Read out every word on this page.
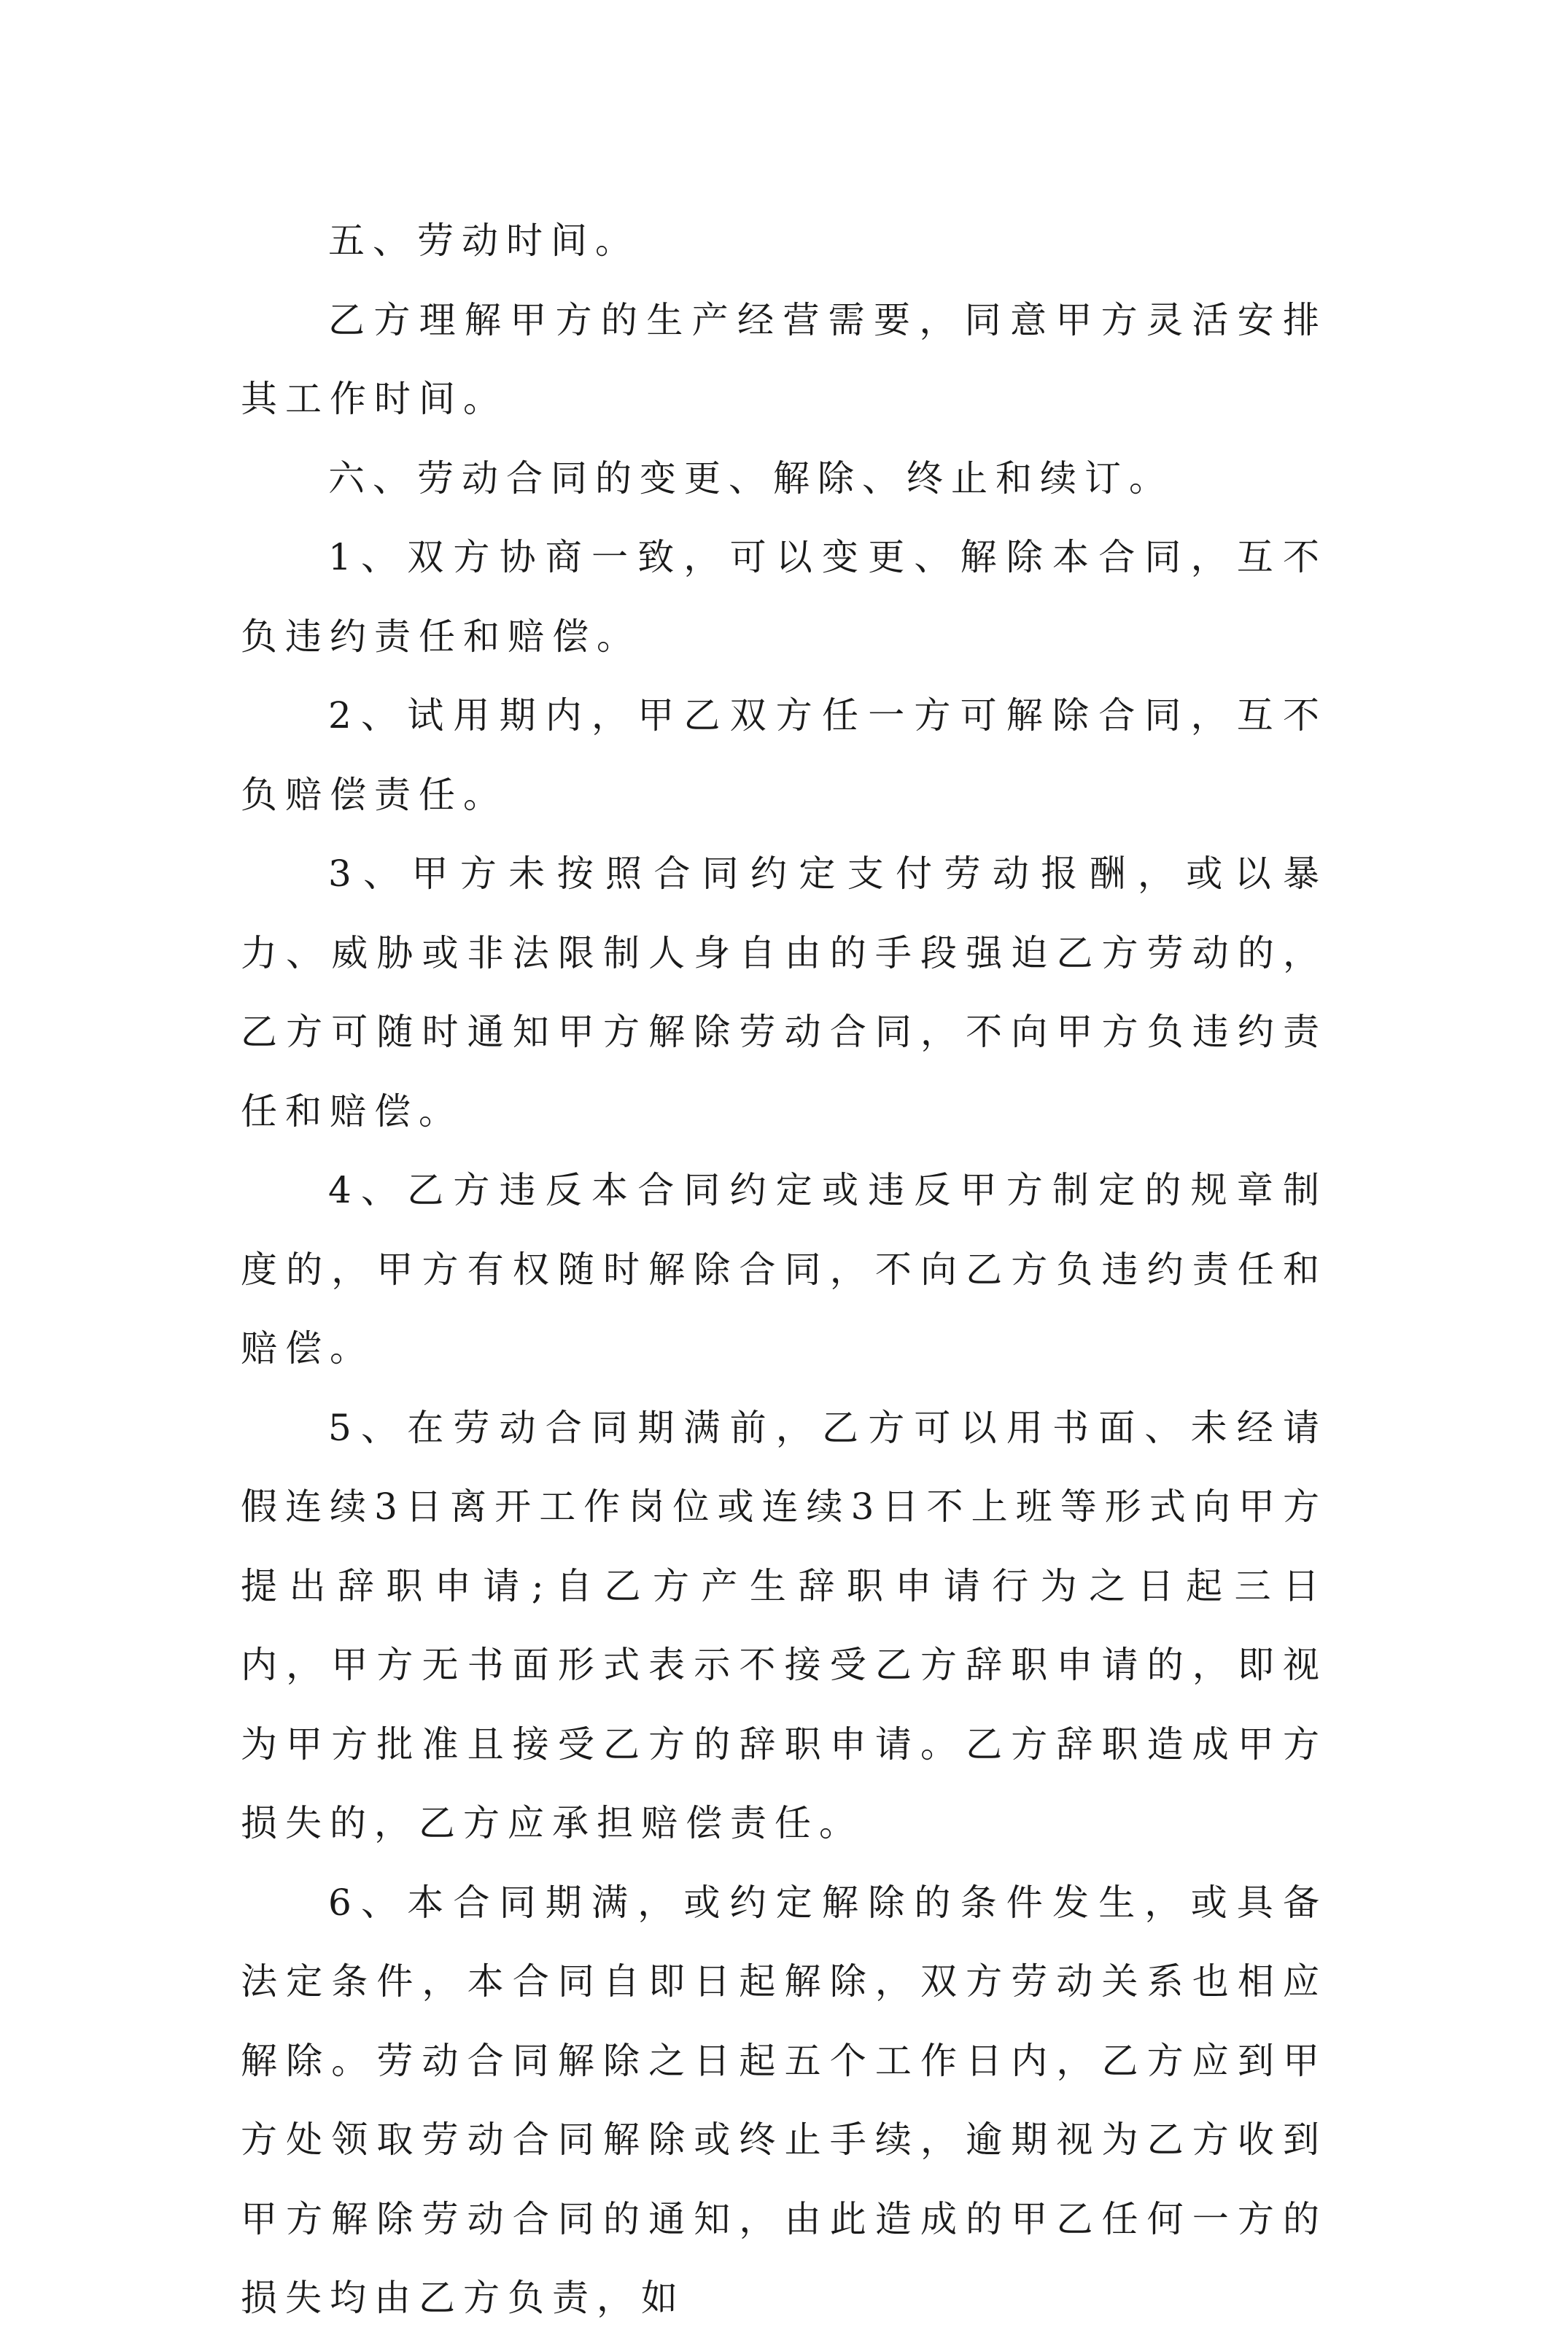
五、劳动时间。

乙方理解甲方的生产经营需要，同意甲方灵活安排其工作时间。

六、劳动合同的变更、解除、终止和续订。

1、双方协商一致，可以变更、解除本合同，互不负违约责任和赔偿。

2、试用期内，甲乙双方任一方可解除合同，互不负赔偿责任。

3、甲方未按照合同约定支付劳动报酬，或以暴力、威胁或非法限制人身自由的手段强迫乙方劳动的，乙方可随时通知甲方解除劳动合同，不向甲方负违约责任和赔偿。

4、乙方违反本合同约定或违反甲方制定的规章制度的，甲方有权随时解除合同，不向乙方负违约责任和赔偿。

5、在劳动合同期满前，乙方可以用书面、未经请假连续3日离开工作岗位或连续3日不上班等形式向甲方提出辞职申请;自乙方产生辞职申请行为之日起三日内，甲方无书面形式表示不接受乙方辞职申请的，即视为甲方批准且接受乙方的辞职申请。乙方辞职造成甲方损失的，乙方应承担赔偿责任。

6、本合同期满，或约定解除的条件发生，或具备法定条件，本合同自即日起解除，双方劳动关系也相应解除。劳动合同解除之日起五个工作日内，乙方应到甲方处领取劳动合同解除或终止手续，逾期视为乙方收到甲方解除劳动合同的通知，由此造成的甲乙任何一方的损失均由乙方负责，如
